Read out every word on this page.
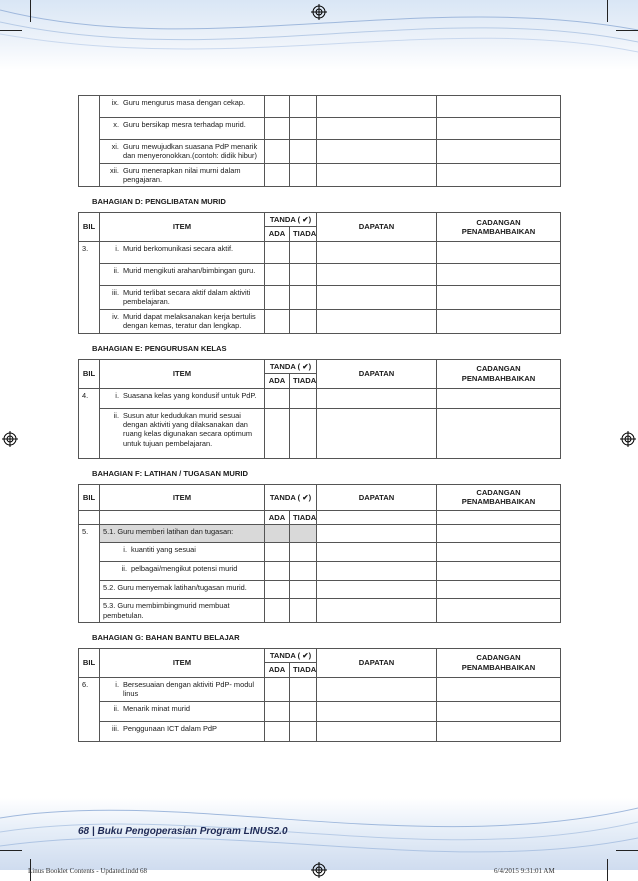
	ix. Guru mengurus masa dengan cekap.				

	x. Guru bersikap mesra terhadap murid.				

	xi. Guru mewujudkan suasana PdP menarik dan menyeronokkan.(contoh: didik hibur)				

	xii. Guru menerapkan nilai murni dalam pengajaran.				

BAHAGIAN D: PENGLIBATAN MURID
BIL	ITEM	TANDA ( ✔)		DAPATAN	CADANGAN PENAMBAHBAIKAN
		ADA	TIADA		
3.	i. Murid berkomunikasi secara aktif.				

	ii. Murid mengikuti arahan/bimbingan guru.				

	iii. Murid terlibat secara aktif dalam aktiviti pembelajaran.				

	iv. Murid dapat melaksanakan kerja bertulis dengan kemas, teratur dan lengkap.				

BAHAGIAN E: PENGURUSAN KELAS
BIL	ITEM	TANDA ( ✔)		DAPATAN	CADANGAN PENAMBAHBAIKAN
		ADA	TIADA		
4.	i. Suasana kelas yang kondusif untuk PdP.				

	ii. Susun atur kedudukan murid sesuai dengan aktiviti yang dilaksanakan dan ruang kelas digunakan secara optimum untuk tujuan pembelajaran.				

BAHAGIAN F: LATIHAN / TUGASAN MURID
BIL	ITEM	TANDA ( ✔)		DAPATAN	CADANGAN PENAMBAHBAIKAN
		ADA	TIADA		
5.	5.1. Guru memberi latihan dan tugasan:				

	i. kuantiti yang sesuai				

	ii. pelbagai/mengikut potensi murid				

	5.2. Guru menyemak latihan/tugasan murid.				
	5.3. Guru membimbingmurid membuat pembetulan.				
BAHAGIAN G: BAHAN BANTU BELAJAR
BIL	ITEM	TANDA ( ✔)		DAPATAN	CADANGAN PENAMBAHBAIKAN
		ADA	TIADA		
6.	i. Bersesuaian dengan aktiviti PdP- modul linus				

	ii. Menarik minat murid				

	iii. Penggunaan ICT dalam PdP				

68 | Buku Pengoperasian Program LINUS2.0
Linus Booklet Contents - Updated.indd 68	6/4/2015 9:31:01 AM
